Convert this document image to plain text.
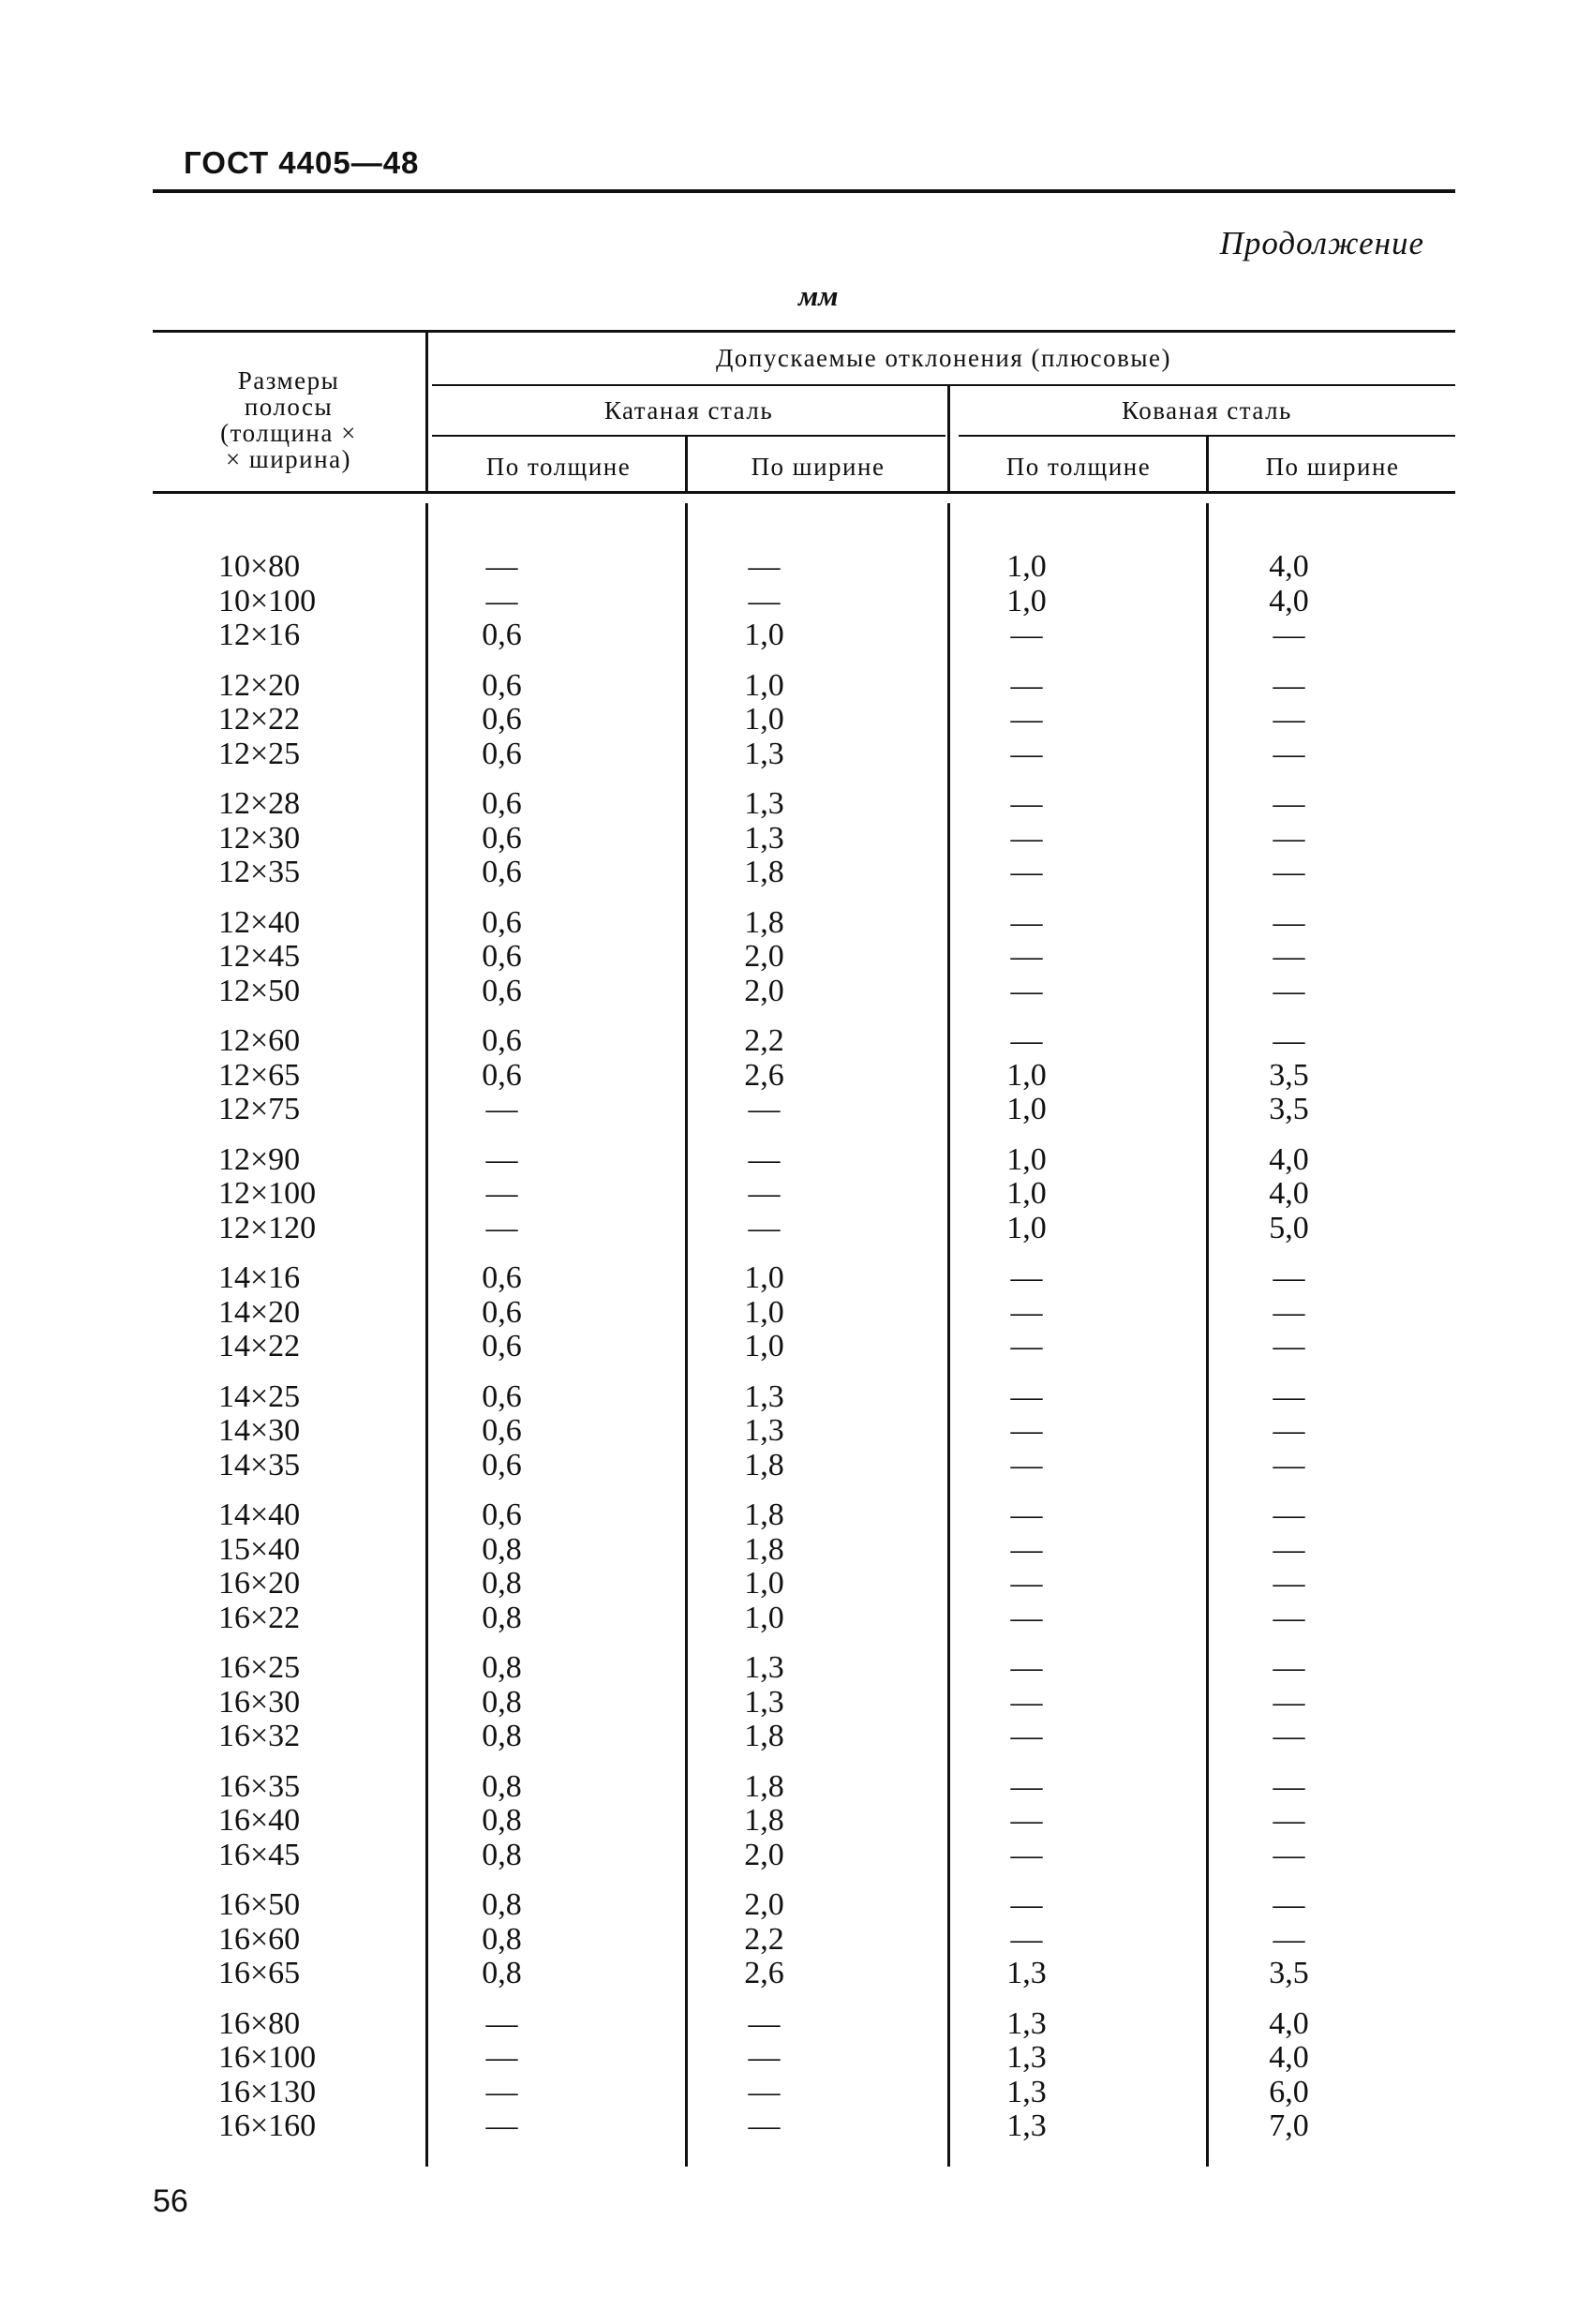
ГОСТ 4405—48
Продолжение
мм
Размеры
полосы
(толщина ×
× ширина)
Допускаемые отклонения (плюсовые)
Катаная сталь	Кованая сталь
По толщине	По ширине	По толщине	По ширине
10×80	—	—	1,0	4,0
10×100	—	—	1,0	4,0
12×16	0,6	1,0	—	—
12×20	0,6	1,0	—	—
12×22	0,6	1,0	—	—
12×25	0,6	1,3	—	—
12×28	0,6	1,3	—	—
12×30	0,6	1,3	—	—
12×35	0,6	1,8	—	—
12×40	0,6	1,8	—	—
12×45	0,6	2,0	—	—
12×50	0,6	2,0	—	—
12×60	0,6	2,2	—	—
12×65	0,6	2,6	1,0	3,5
12×75	—	—	1,0	3,5
12×90	—	—	1,0	4,0
12×100	—	—	1,0	4,0
12×120	—	—	1,0	5,0
14×16	0,6	1,0	—	—
14×20	0,6	1,0	—	—
14×22	0,6	1,0	—	—
14×25	0,6	1,3	—	—
14×30	0,6	1,3	—	—
14×35	0,6	1,8	—	—
14×40	0,6	1,8	—	—
15×40	0,8	1,8	—	—
16×20	0,8	1,0	—	—
16×22	0,8	1,0	—	—
16×25	0,8	1,3	—	—
16×30	0,8	1,3	—	—
16×32	0,8	1,8	—	—
16×35	0,8	1,8	—	—
16×40	0,8	1,8	—	—
16×45	0,8	2,0	—	—
16×50	0,8	2,0	—	—
16×60	0,8	2,2	—	—
16×65	0,8	2,6	1,3	3,5
16×80	—	—	1,3	4,0
16×100	—	—	1,3	4,0
16×130	—	—	1,3	6,0
16×160	—	—	1,3	7,0
56
